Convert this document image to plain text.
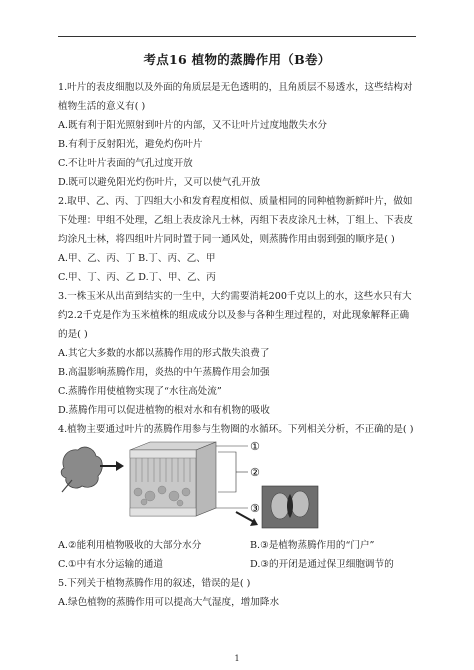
考点16 植物的蒸腾作用（B卷）
1.叶片的表皮细胞以及外面的角质层是无色透明的，且角质层不易透水，这些结构对
植物生活的意义有( )
A.既有利于阳光照射到叶片的内部，又不让叶片过度地散失水分
B.有利于反射阳光，避免灼伤叶片
C.不让叶片表面的气孔过度开放
D.既可以避免阳光灼伤叶片，又可以使气孔开放
2.取甲、乙、丙、丁四组大小和发育程度相似、质量相同的同种植物新鲜叶片，做如
下处理：甲组不处理，乙组上表皮涂凡士林，丙组下表皮涂凡士林，丁组上、下表皮
均涂凡士林，将四组叶片同时置于同一通风处，则蒸腾作用由弱到强的顺序是( )
A.甲、乙、丙、丁 B.丁、丙、乙、甲
C.甲、丁、丙、乙 D.丁、甲、乙、丙
3.一株玉米从出苗到结实的一生中，大约需要消耗200千克以上的水，这些水只有大
约2.2千克是作为玉米植株的组成成分以及参与各种生理过程的，对此现象解释正确
的是( )
A.其它大多数的水都以蒸腾作用的形式散失浪费了
B.高温影响蒸腾作用，炎热的中午蒸腾作用会加强
C.蒸腾作用使植物实现了“水往高处流”
D.蒸腾作用可以促进植物的根对水和有机物的吸收
4.植物主要通过叶片的蒸腾作用参与生物圈的水循环。下列相关分析，不正确的是( )
①
②
③
A.②能利用植物吸收的大部分水分	B.③是植物蒸腾作用的“门户”
C.①中有水分运输的通道	D.③的开闭是通过保卫细胞调节的
5.下列关于植物蒸腾作用的叙述，错误的是( )
A.绿色植物的蒸腾作用可以提高大气湿度，增加降水
1
